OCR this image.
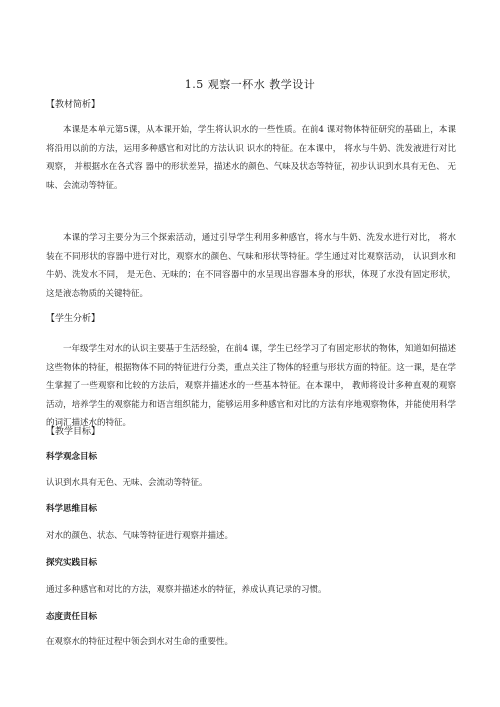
1.5 观察一杯水 教学设计
【教材简析】

本课是本单元第5课，从本课开始，学生将认识水的一些性质。在前4 课对物体特征研究的基础上，本课将沿用以前的方法，运用多种感官和对比的方法认识 识水的特征。在本课中， 将水与牛奶、洗发液进行对比观察， 并根据水在各式容 器中的形状差异，描述水的颜色、气味及状态等特征，初步认识到水具有无色、 无味、会流动等特征。

本课的学习主要分为三个探索活动，通过引导学生利用多种感官，将水与牛奶、洗发水进行对比， 将水装在不同形状的容器中进行对比，观察水的颜色、气味和形状等特征。学生通过对比观察活动， 认识到水和牛奶、洗发水不同， 是无色、无味的；在不同容器中的水呈现出容器本身的形状，体现了水没有固定形状，这是液态物质的关键特征。

【学生分析】

一年级学生对水的认识主要基于生活经验，在前4 课，学生已经学习了有固定形状的物体，知道如何描述这些物体的特征，根据物体不同的特征进行分类，重点关注了物体的轻重与形状方面的特征。这一课，是在学生掌握了一些观察和比较的方法后，观察并描述水的一些基本特征。在本课中， 教师将设计多种直观的观察活动，培养学生的观察能力和语言组织能力，能够运用多种感官和对比的方法有序地观察物体，并能使用科学的词汇描述水的特征。

【教学目标】
科学观念目标
认识到水具有无色、无味、会流动等特征。
科学思维目标
对水的颜色、状态、气味等特征进行观察并描述。
探究实践目标
通过多种感官和对比的方法，观察并描述水的特征，养成认真记录的习惯。
态度责任目标
在观察水的特征过程中领会到水对生命的重要性。
